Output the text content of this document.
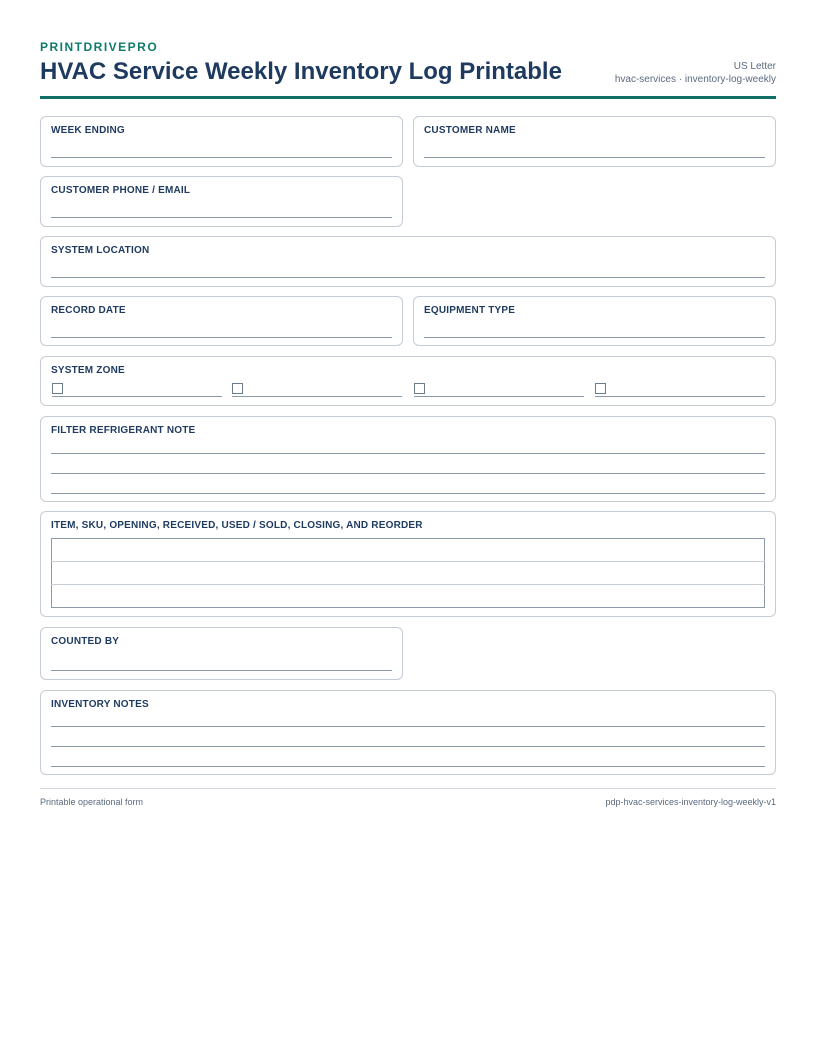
PRINTDRIVEPRO
HVAC Service Weekly Inventory Log Printable	US Letter
hvac-services · inventory-log-weekly
WEEK ENDING	CUSTOMER NAME
CUSTOMER PHONE / EMAIL
SYSTEM LOCATION
RECORD DATE	EQUIPMENT TYPE
SYSTEM ZONE
FILTER REFRIGERANT NOTE
ITEM, SKU, OPENING, RECEIVED, USED / SOLD, CLOSING, AND REORDER

COUNTED BY
INVENTORY NOTES
Printable operational form	pdp-hvac-services-inventory-log-weekly-v1
